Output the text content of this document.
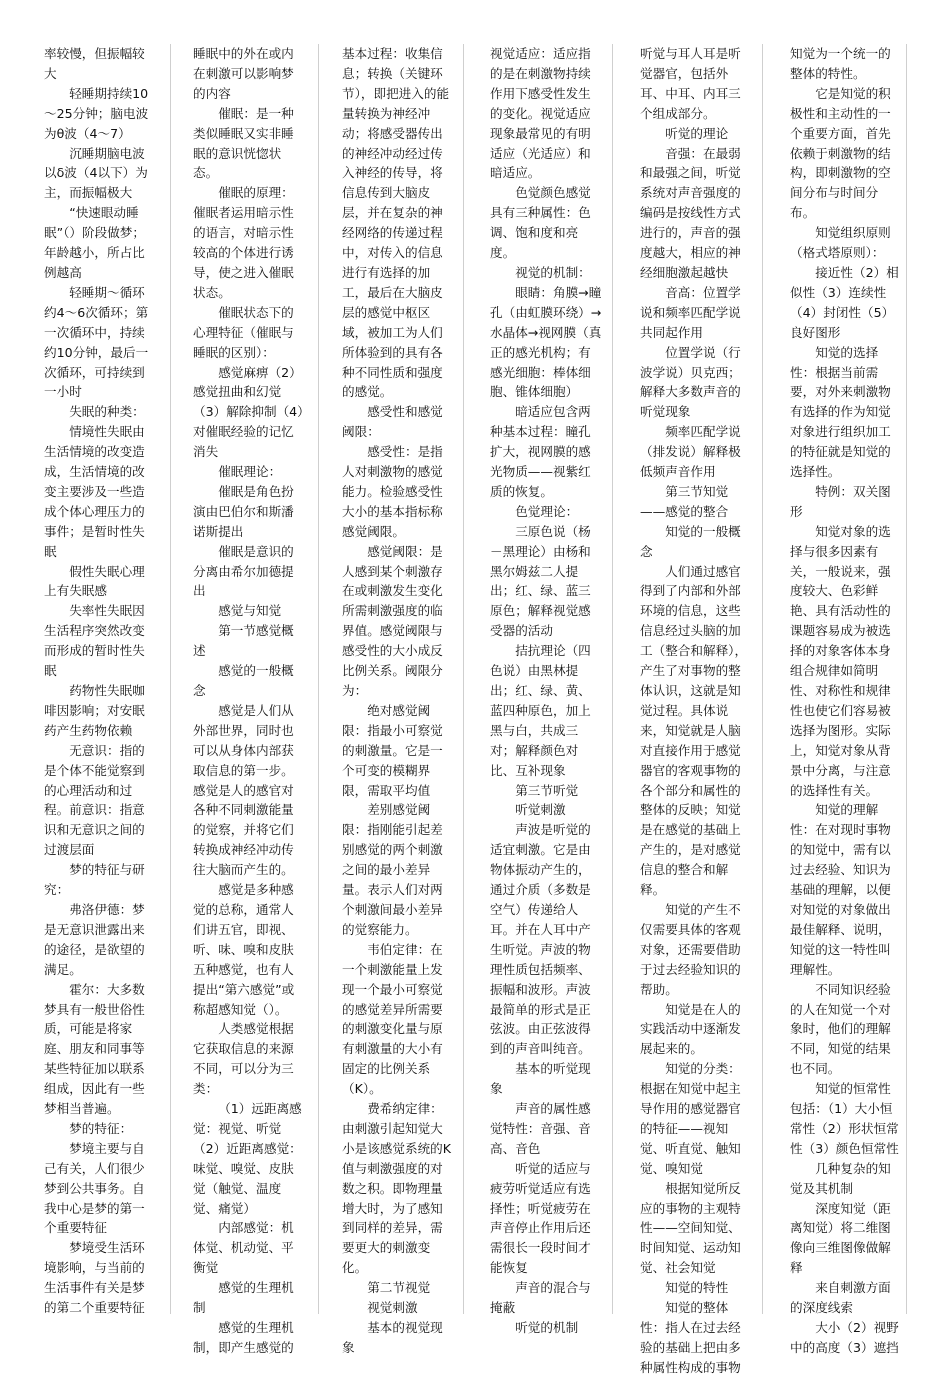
率较慢，但振幅较大

轻睡期持续10～25分钟；脑电波为θ波（4～7）

沉睡期脑电波以δ波（4以下）为主，而振幅极大

“快速眼动睡眠”（）阶段做梦；年龄越小，所占比例越高

轻睡期～循环约4～6次循环；第一次循环中，持续约10分钟，最后一次循环，可持续到一小时

失眠的种类：

情境性失眠由生活情境的改变造成，生活情境的改变主要涉及一些造成个体心理压力的事件；是暂时性失眠

假性失眠心理上有失眠感

失率性失眠因生活程序突然改变而形成的暂时性失眠

药物性失眠咖啡因影响；对安眠药产生药物依赖

无意识：指的是个体不能觉察到的心理活动和过程。前意识：指意识和无意识之间的过渡层面

梦的特征与研究：

弗洛伊德：梦是无意识泄露出来的途径，是欲望的满足。

霍尔：大多数梦具有一般世俗性质，可能是将家庭、朋友和同事等某些特征加以联系组成，因此有一些梦相当普遍。

梦的特征：

梦境主要与自己有关，人们很少梦到公共事务。自我中心是梦的第一个重要特征

梦境受生活环境影响，与当前的生活事件有关是梦的第二个重要特征

睡眠中的外在或内在刺激可以影响梦的内容

催眠：是一种类似睡眠又实非睡眠的意识恍惚状态。

催眠的原理：催眠者运用暗示性的语言，对暗示性较高的个体进行诱导，使之进入催眠状态。

催眠状态下的心理特征（催眠与睡眠的区别）：

感觉麻痹（2）感觉扭曲和幻觉（3）解除抑制（4）对催眠经验的记忆消失

催眠理论：

催眠是角色扮演由巴伯尔和斯潘诺斯提出

催眠是意识的分离由希尔加德提出

感觉与知觉

第一节感觉概述

感觉的一般概念

感觉是人们从外部世界，同时也可以从身体内部获取信息的第一步。感觉是人的感官对各种不同刺激能量的觉察，并将它们转换成神经冲动传往大脑而产生的。

感觉是多种感觉的总称，通常人们讲五官，即视、听、味、嗅和皮肤五种感觉，也有人提出“第六感觉”或称超感知觉（）。

人类感觉根据它获取信息的来源不同，可以分为三类：

（1）远距离感觉：视觉、听觉（2）近距离感觉：味觉、嗅觉、皮肤觉（触觉、温度觉、痛觉）

内部感觉：机体觉、机动觉、平衡觉

感觉的生理机制

感觉的生理机制，即产生感觉的

基本过程：收集信息；转换（关键环节），即把进入的能量转换为神经冲动；将感受器传出的神经冲动经过传入神经的传导，将信息传到大脑皮层，并在复杂的神经网络的传递过程中，对传入的信息进行有选择的加工，最后在大脑皮层的感觉中枢区域，被加工为人们所体验到的具有各种不同性质和强度的感觉。

感受性和感觉阈限：

感受性：是指人对刺激物的感觉能力。检验感受性大小的基本指标称感觉阈限。

感觉阈限：是人感到某个刺激存在或刺激发生变化所需刺激强度的临界值。感觉阈限与感受性的大小成反比例关系。阈限分为：

绝对感觉阈限：指最小可察觉的刺激量。它是一个可变的模糊界限，需取平均值

差别感觉阈限：指刚能引起差别感觉的两个刺激之间的最小差异量。表示人们对两个刺激间最小差异的觉察能力。

韦伯定律：在一个刺激能量上发现一个最小可察觉的感觉差异所需要的刺激变化量与原有刺激量的大小有固定的比例关系（K）。

费希纳定律：由刺激引起知觉大小是该感觉系统的K值与刺激强度的对数之积。即物理量增大时，为了感知到同样的差异，需要更大的刺激变化。

第二节视觉

视觉刺激

基本的视觉现象

视觉适应：适应指的是在刺激物持续作用下感受性发生的变化。视觉适应现象最常见的有明适应（光适应）和暗适应。

色觉颜色感觉具有三种属性：色调、饱和度和亮度。

视觉的机制：

眼睛：角膜→瞳孔（由虹膜环绕）→水晶体→视网膜（真正的感光机构；有感光细胞：棒体细胞、锥体细胞）

暗适应包含两种基本过程：瞳孔扩大，视网膜的感光物质——视紫红质的恢复。

色觉理论：

三原色说（杨－黑理论）由杨和黑尔姆兹二人提出；红、绿、蓝三原色；解释视觉感受器的活动

拮抗理论（四色说）由黑林提出；红、绿、黄、蓝四种原色，加上黑与白，共成三对；解释颜色对比、互补现象

第三节听觉

听觉刺激

声波是听觉的适宜刺激。它是由物体振动产生的，通过介质（多数是空气）传递给人耳。并在人耳中产生听觉。声波的物理性质包括频率、振幅和波形。声波最简单的形式是正弦波。由正弦波得到的声音叫纯音。

基本的听觉现象

声音的属性感觉特性：音强、音高、音色

听觉的适应与疲劳听觉适应有选择性；听觉疲劳在声音停止作用后还需很长一段时间才能恢复

声音的混合与掩蔽

听觉的机制

听觉与耳人耳是听觉器官，包括外耳、中耳、内耳三个组成部分。

听觉的理论

音强：在最弱和最强之间，听觉系统对声音强度的编码是按线性方式进行的，声音的强度越大，相应的神经细胞激起越快

音高：位置学说和频率匹配学说共同起作用

位置学说（行波学说）贝克西；解释大多数声音的听觉现象

频率匹配学说（排发说）解释极低频声音作用

第三节知觉——感觉的整合

知觉的一般概念

人们通过感官得到了内部和外部环境的信息，这些信息经过头脑的加工（整合和解释），产生了对事物的整体认识，这就是知觉过程。具体说来，知觉就是人脑对直接作用于感觉器官的客观事物的各个部分和属性的整体的反映；知觉是在感觉的基础上产生的，是对感觉信息的整合和解释。

知觉的产生不仅需要具体的客观对象，还需要借助于过去经验知识的帮助。

知觉是在人的实践活动中逐渐发展起来的。

知觉的分类：根据在知觉中起主导作用的感觉器官的特征——视知觉、听直觉、触知觉、嗅知觉

根据知觉所反应的事物的主观特性——空间知觉、时间知觉、运动知觉、社会知觉

知觉的特性

知觉的整体性：指人在过去经验的基础上把由多种属性构成的事物

知觉为一个统一的整体的特性。

它是知觉的积极性和主动性的一个重要方面，首先依赖于刺激物的结构，即刺激物的空间分布与时间分布。

知觉组织原则（格式塔原则）：

接近性（2）相似性（3）连续性（4）封闭性（5）良好图形

知觉的选择性：根据当前需要，对外来刺激物有选择的作为知觉对象进行组织加工的特征就是知觉的选择性。

特例：双关图形

知觉对象的选择与很多因素有关，一般说来，强度较大、色彩鲜艳、具有活动性的课题容易成为被选择的对象客体本身组合规律如简明性、对称性和规律性也使它们容易被选择为图形。实际上，知觉对象从背景中分离，与注意的选择性有关。

知觉的理解性：在对现时事物的知觉中，需有以过去经验、知识为基础的理解，以便对知觉的对象做出最佳解释、说明，知觉的这一特性叫理解性。

不同知识经验的人在知觉一个对象时，他们的理解不同，知觉的结果也不同。

知觉的恒常性包括：（1）大小恒常性（2）形状恒常性（3）颜色恒常性

几种复杂的知觉及其机制

深度知觉（距离知觉）将二维图像向三维图像做解释

来自刺激方面的深度线索

大小（2）视野中的高度（3）遮挡
